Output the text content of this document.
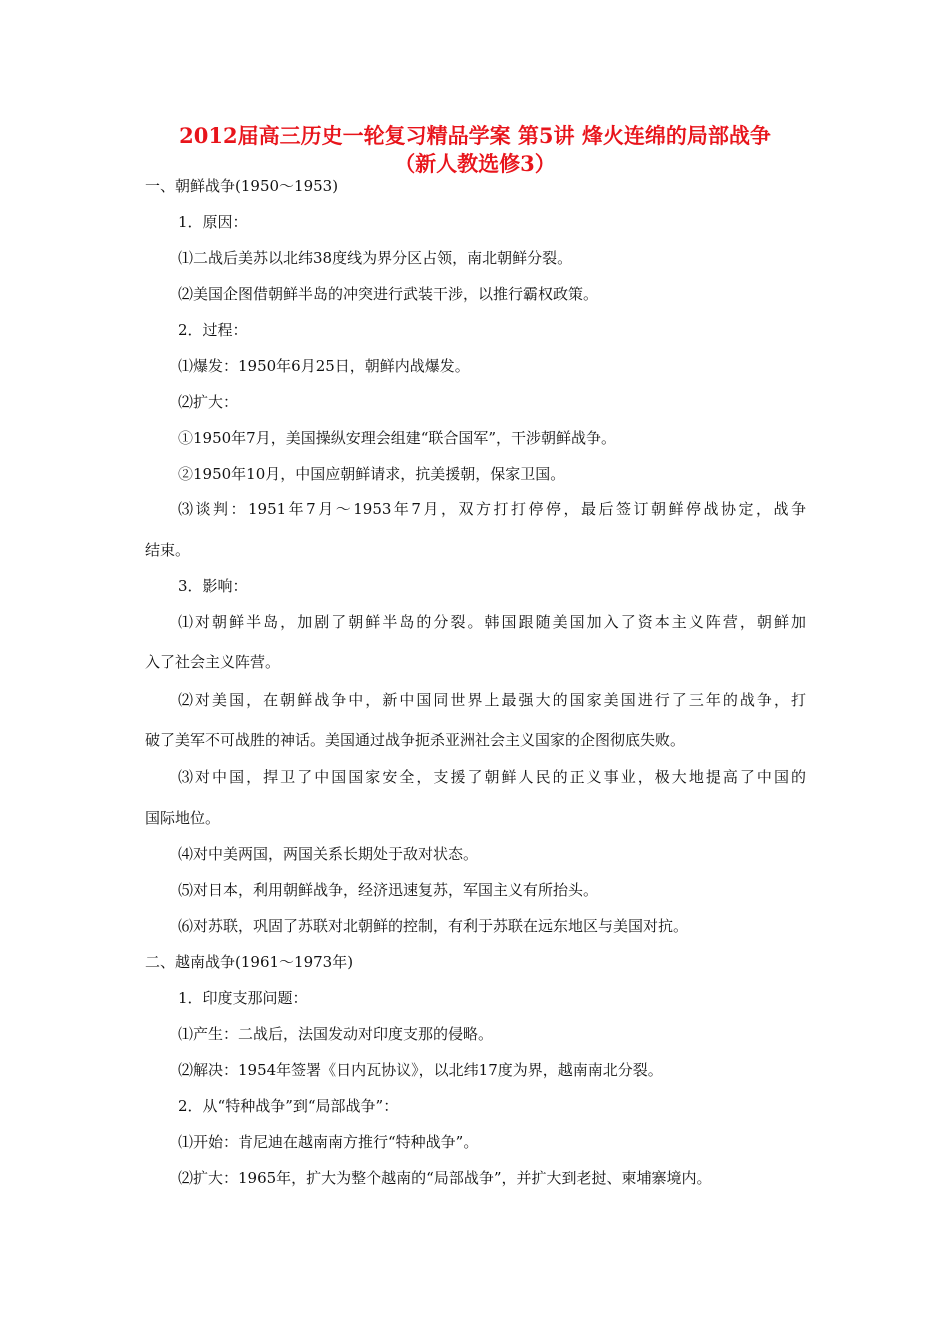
2012届高三历史一轮复习精品学案 第5讲 烽火连绵的局部战争
（新人教选修3）
一、朝鲜战争(1950～1953)
1．原因：
⑴二战后美苏以北纬38度线为界分区占领，南北朝鲜分裂。
⑵美国企图借朝鲜半岛的冲突进行武装干涉，以推行霸权政策。
2．过程：
⑴爆发：1950年6月25日，朝鲜内战爆发。
⑵扩大：
①1950年7月，美国操纵安理会组建“联合国军”，干涉朝鲜战争。
②1950年10月，中国应朝鲜请求，抗美援朝，保家卫国。
⑶谈判：1951年7月～1953年7月，双方打打停停，最后签订朝鲜停战协定，战争
结束。
3．影响：
⑴对朝鲜半岛，加剧了朝鲜半岛的分裂。韩国跟随美国加入了资本主义阵营，朝鲜加
入了社会主义阵营。
⑵对美国，在朝鲜战争中，新中国同世界上最强大的国家美国进行了三年的战争，打
破了美军不可战胜的神话。美国通过战争扼杀亚洲社会主义国家的企图彻底失败。
⑶对中国，捍卫了中国国家安全，支援了朝鲜人民的正义事业，极大地提高了中国的
国际地位。
⑷对中美两国，两国关系长期处于敌对状态。
⑸对日本，利用朝鲜战争，经济迅速复苏，军国主义有所抬头。
⑹对苏联，巩固了苏联对北朝鲜的控制，有利于苏联在远东地区与美国对抗。
二、越南战争(1961～1973年)
1．印度支那问题：
⑴产生：二战后，法国发动对印度支那的侵略。
⑵解决：1954年签署《日内瓦协议》，以北纬17度为界，越南南北分裂。
2．从“特种战争”到“局部战争”：
⑴开始：肯尼迪在越南南方推行“特种战争”。
⑵扩大：1965年，扩大为整个越南的“局部战争”，并扩大到老挝、柬埔寨境内。
